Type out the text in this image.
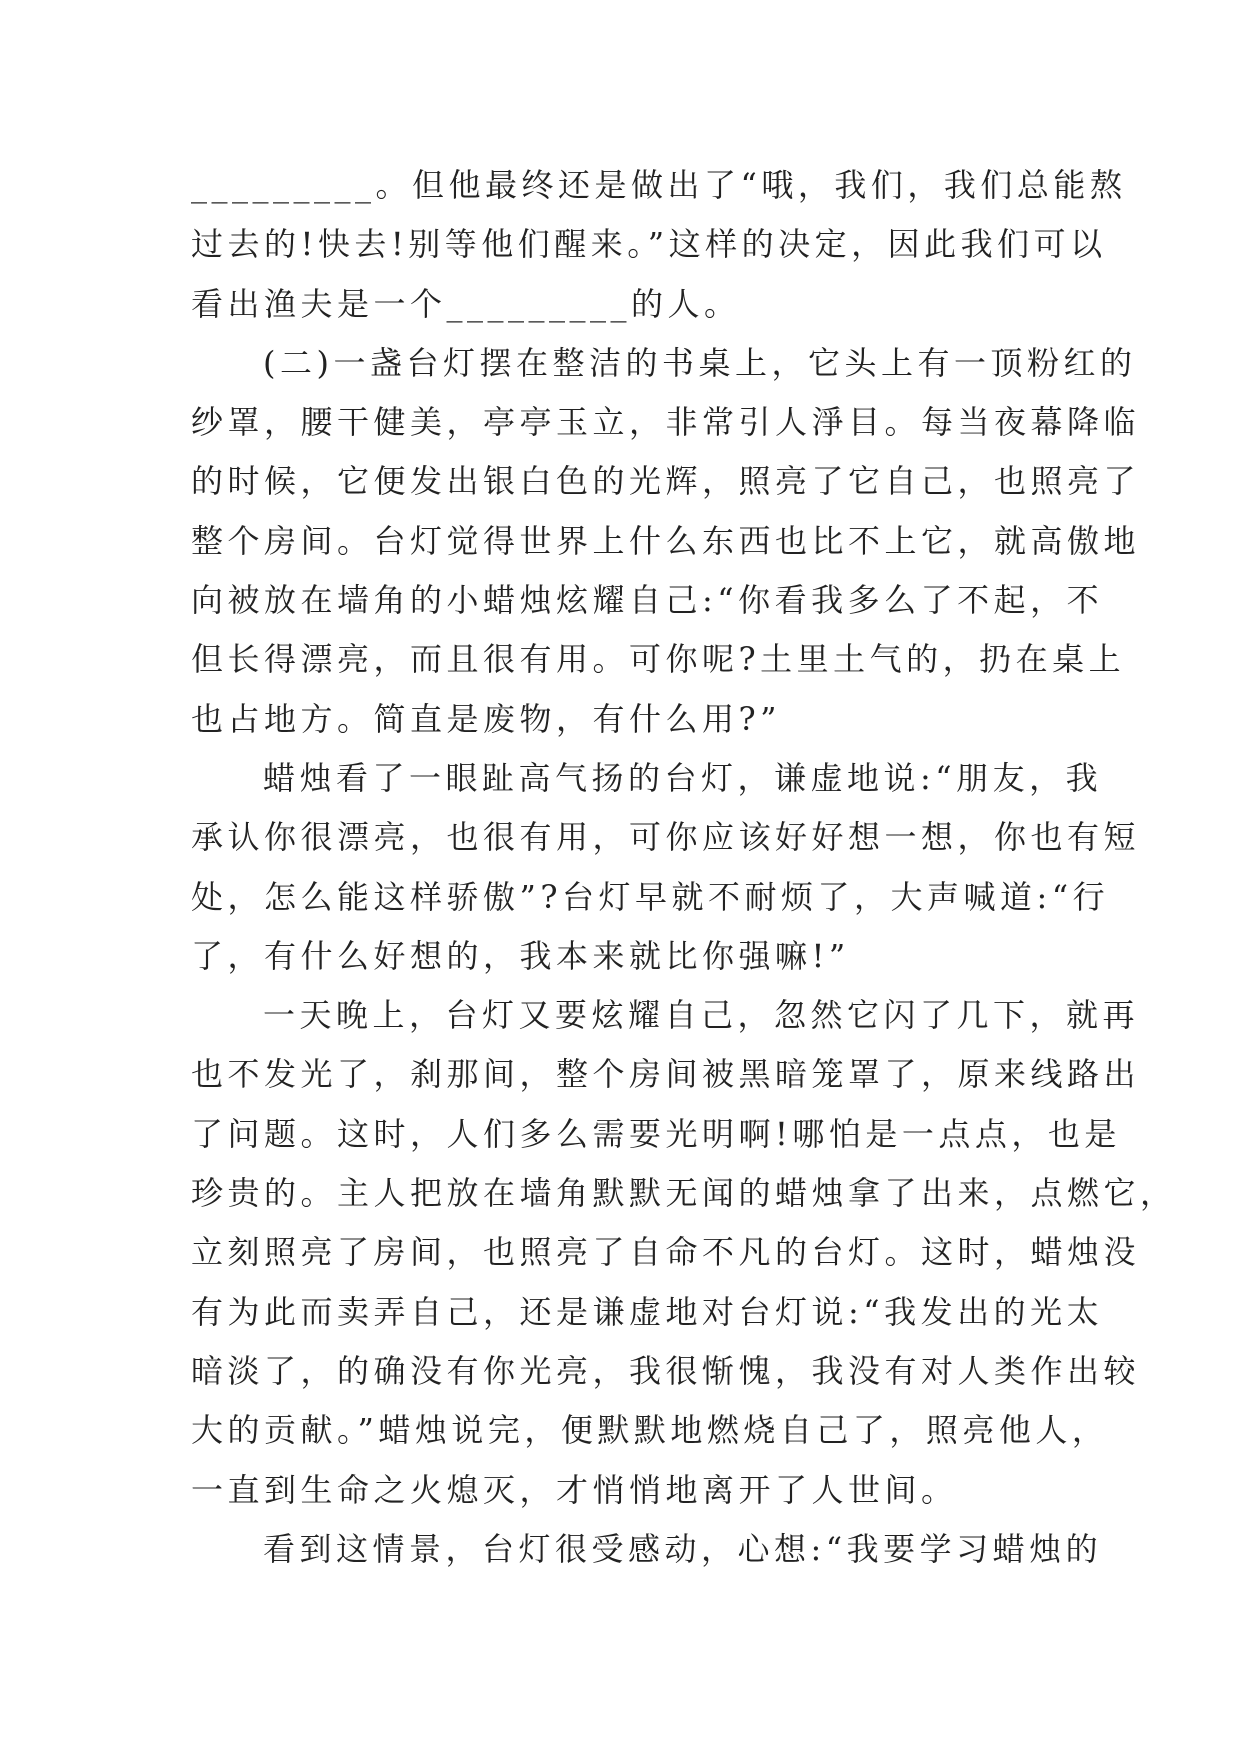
_________。但他最终还是做出了“哦，我们，我们总能熬
过去的!快去!别等他们醒来。”这样的决定，因此我们可以
看出渔夫是一个_________的人。
(二)一盏台灯摆在整洁的书桌上，它头上有一顶粉红的
纱罩，腰干健美，亭亭玉立，非常引人淨目。每当夜幕降临
的时候，它便发出银白色的光辉，照亮了它自己，也照亮了
整个房间。台灯觉得世界上什么东西也比不上它，就高傲地
向被放在墙角的小蜡烛炫耀自己:“你看我多么了不起，不
但长得漂亮，而且很有用。可你呢?土里土气的，扔在桌上
也占地方。简直是废物，有什么用?”
蜡烛看了一眼趾高气扬的台灯，谦虚地说:“朋友，我
承认你很漂亮，也很有用，可你应该好好想一想，你也有短
处，怎么能这样骄傲”?台灯早就不耐烦了，大声喊道:“行
了，有什么好想的，我本来就比你强嘛!”
一天晚上，台灯又要炫耀自己，忽然它闪了几下，就再
也不发光了，刹那间，整个房间被黑暗笼罩了，原来线路出
了问题。这时，人们多么需要光明啊!哪怕是一点点，也是
珍贵的。主人把放在墙角默默无闻的蜡烛拿了出来，点燃它，
立刻照亮了房间，也照亮了自命不凡的台灯。这时，蜡烛没
有为此而卖弄自己，还是谦虚地对台灯说:“我发出的光太
暗淡了，的确没有你光亮，我很惭愧，我没有对人类作出较
大的贡献。”蜡烛说完，便默默地燃烧自己了，照亮他人，
一直到生命之火熄灭，才悄悄地离开了人世间。
看到这情景，台灯很受感动，心想:“我要学习蜡烛的
